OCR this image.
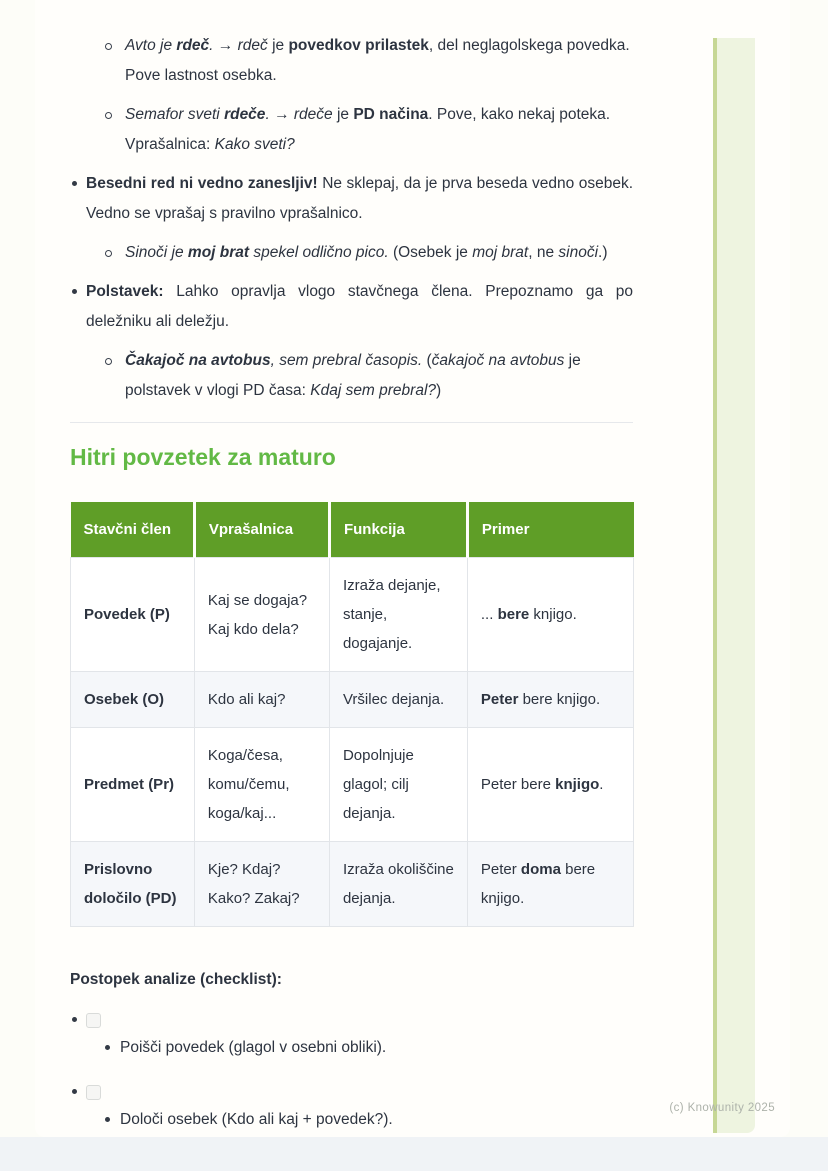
Avto je rdeč. → rdeč je povedkov prilastek, del neglagolskega povedka. Pove lastnost osebka.
Semafor sveti rdeče. → rdeče je PD načina. Pove, kako nekaj poteka. Vprašalnica: Kako sveti?
Besedni red ni vedno zanesljiv! Ne sklepaj, da je prva beseda vedno osebek. Vedno se vprašaj s pravilno vprašalnico.
Sinoči je moj brat spekel odlično pico. (Osebek je moj brat, ne sinoči.)
Polstavek: Lahko opravlja vlogo stavčnega člena. Prepoznamo ga po deležniku ali deležju.
Čakajoč na avtobus, sem prebral časopis. (čakajoč na avtobus je polstavek v vlogi PD časa: Kdaj sem prebral?)
Hitri povzetek za maturo
Stavčni člen	Vprašalnica	Funkcija	Primer
Povedek (P)	Kaj se dogaja? Kaj kdo dela?	Izraža dejanje, stanje, dogajanje.	... bere knjigo.
Osebek (O)	Kdo ali kaj?	Vršilec dejanja.	Peter bere knjigo.
Predmet (Pr)	Koga/česa, komu/čemu, koga/kaj...	Dopolnjuje glagol; cilj dejanja.	Peter bere knjigo.
Prislovno določilo (PD)	Kje? Kdaj? Kako? Zakaj?	Izraža okoliščine dejanja.	Peter doma bere knjigo.
Postopek analize (checklist):
Poišči povedek (glagol v osebni obliki).
Določi osebek (Kdo ali kaj + povedek?).
(c) Knowunity 2025
